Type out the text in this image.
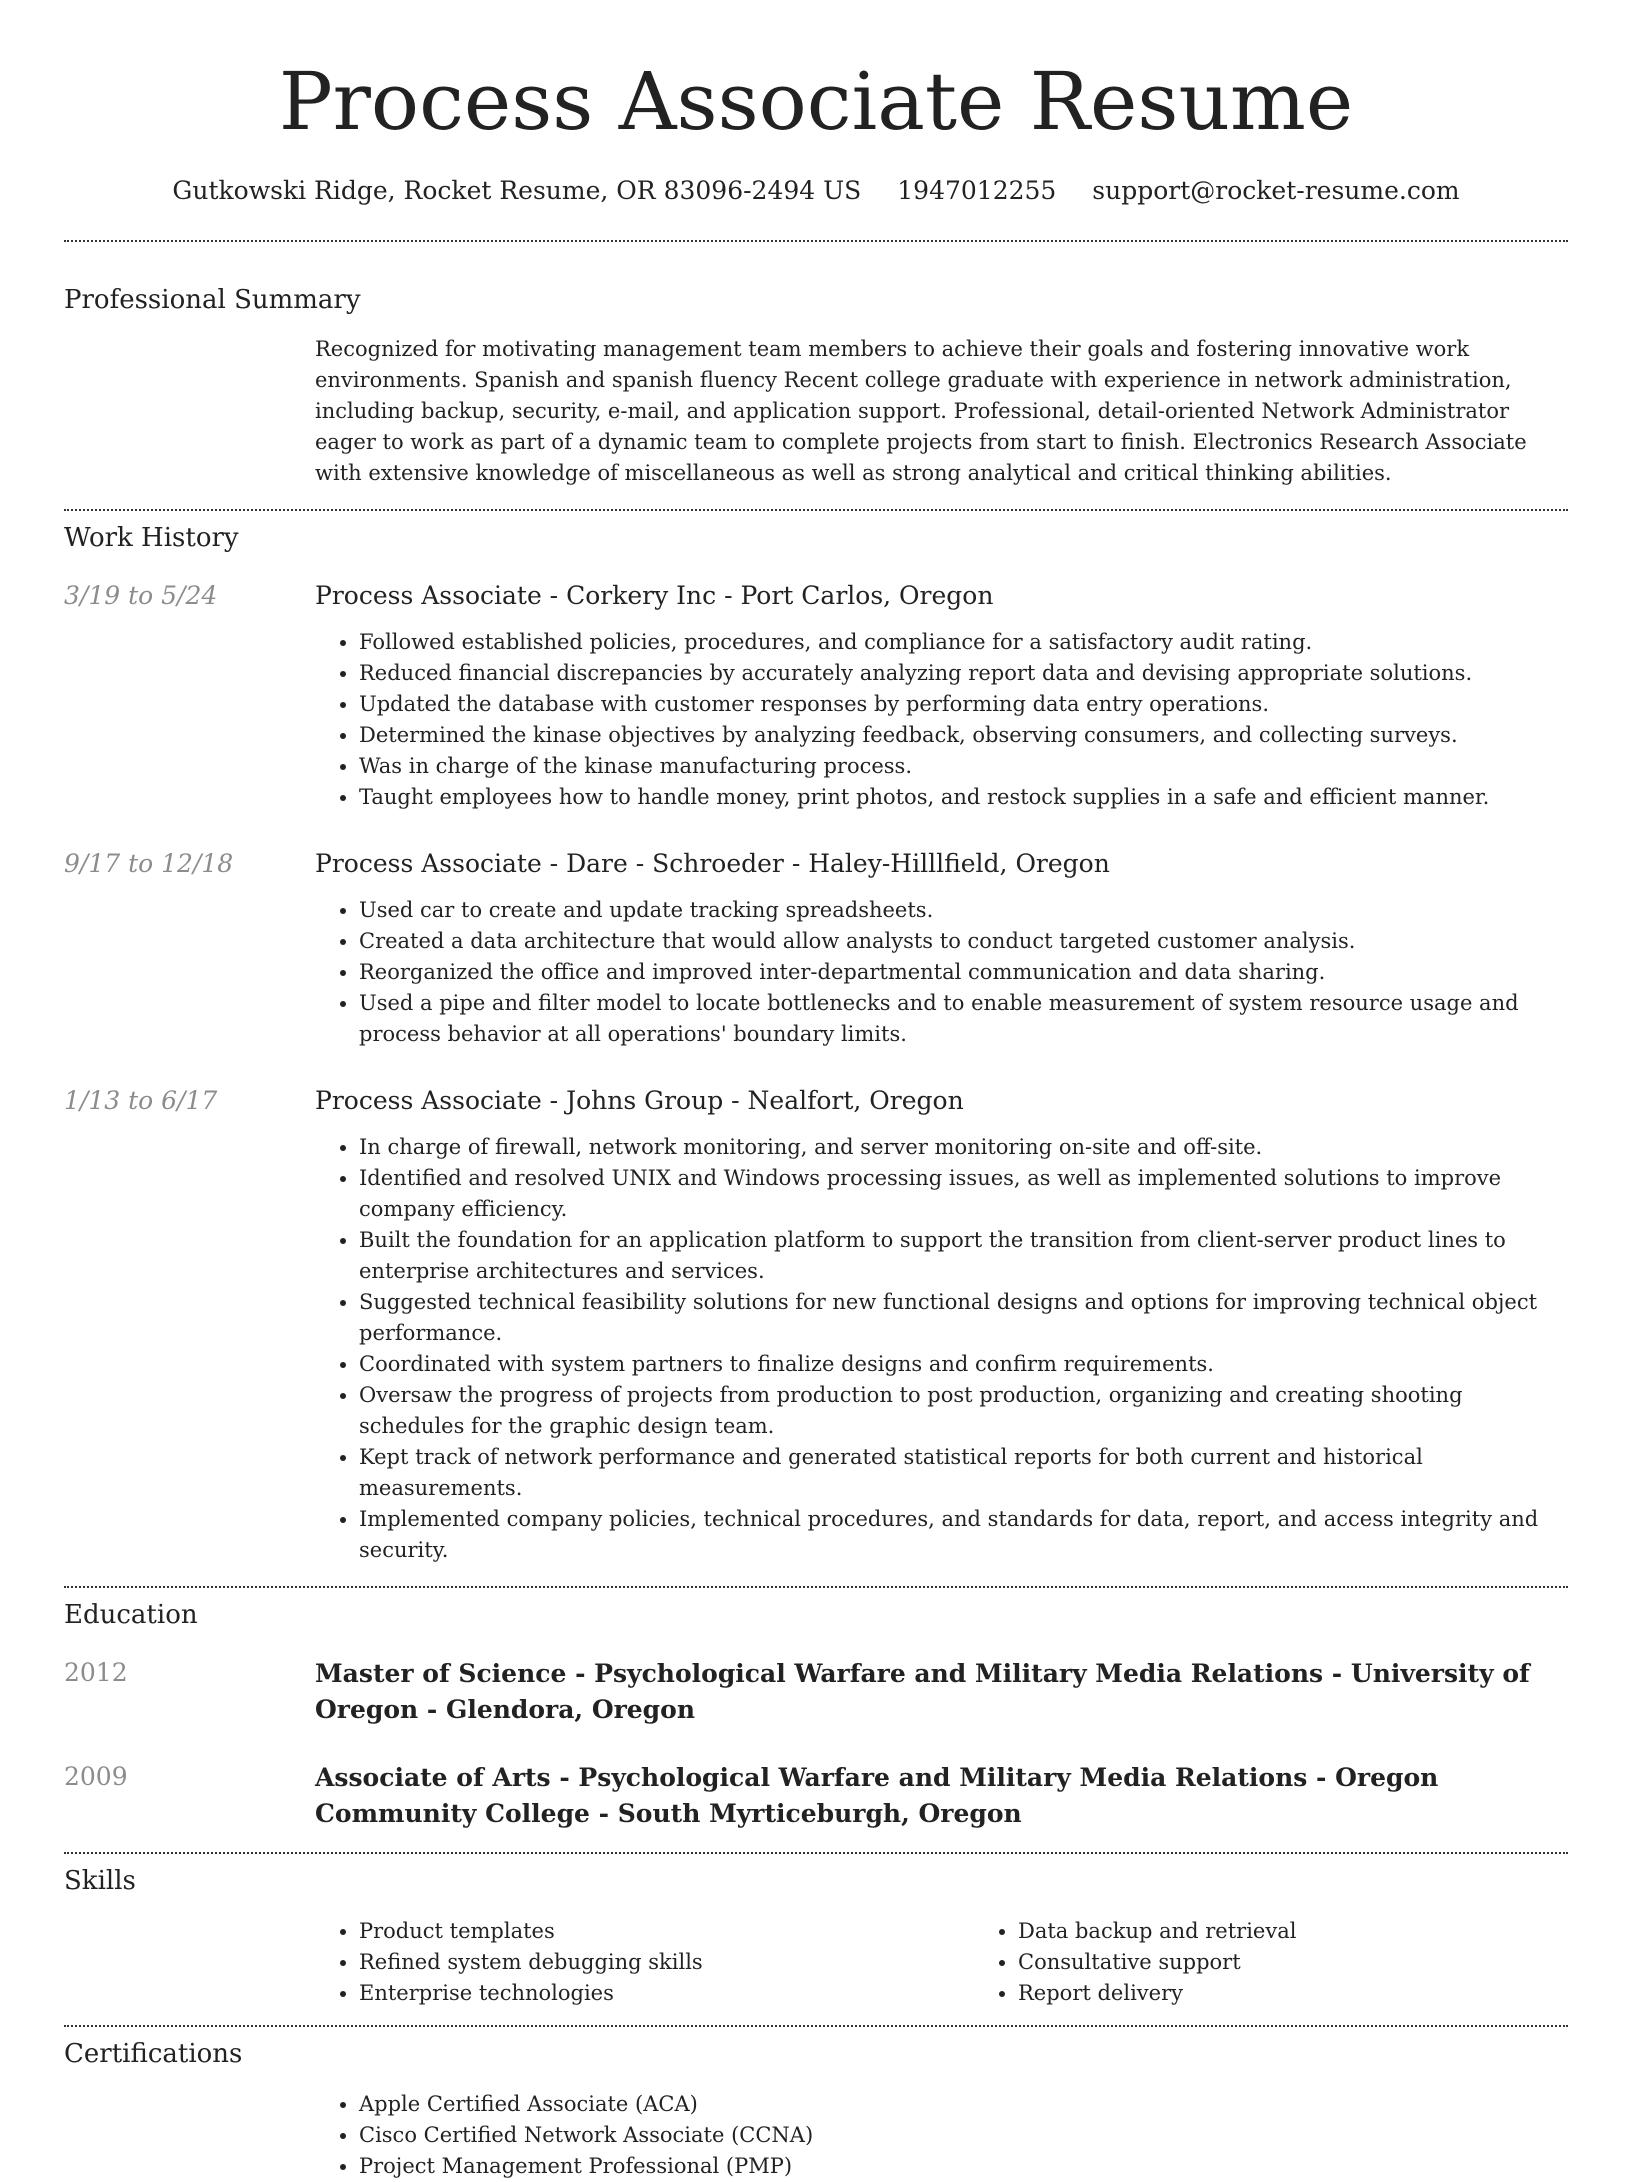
Process Associate Resume
Gutkowski Ridge, Rocket Resume, OR 83096-2494 US 1947012255 support@rocket-resume.com
Professional Summary

Recognized for motivating management team members to achieve their goals and fostering innovative work environments. Spanish and spanish fluency Recent college graduate with experience in network administration, including backup, security, e-mail, and application support. Professional, detail-oriented Network Administrator eager to work as part of a dynamic team to complete projects from start to finish. Electronics Research Associate with extensive knowledge of miscellaneous as well as strong analytical and critical thinking abilities.

Work History
3/19 to 5/24	Process Associate - Corkery Inc - Port Carlos, Oregon
• Followed established policies, procedures, and compliance for a satisfactory audit rating.
• Reduced financial discrepancies by accurately analyzing report data and devising appropriate solutions.
• Updated the database with customer responses by performing data entry operations.
• Determined the kinase objectives by analyzing feedback, observing consumers, and collecting surveys.
• Was in charge of the kinase manufacturing process.
• Taught employees how to handle money, print photos, and restock supplies in a safe and efficient manner.
9/17 to 12/18	Process Associate - Dare - Schroeder - Haley-Hilllfield, Oregon
• Used car to create and update tracking spreadsheets.
• Created a data architecture that would allow analysts to conduct targeted customer analysis.
• Reorganized the office and improved inter-departmental communication and data sharing.
• Used a pipe and filter model to locate bottlenecks and to enable measurement of system resource usage and process behavior at all operations' boundary limits.
1/13 to 6/17	Process Associate - Johns Group - Nealfort, Oregon
• In charge of firewall, network monitoring, and server monitoring on-site and off-site.
• Identified and resolved UNIX and Windows processing issues, as well as implemented solutions to improve company efficiency.
• Built the foundation for an application platform to support the transition from client-server product lines to enterprise architectures and services.
• Suggested technical feasibility solutions for new functional designs and options for improving technical object performance.
• Coordinated with system partners to finalize designs and confirm requirements.
• Oversaw the progress of projects from production to post production, organizing and creating shooting schedules for the graphic design team.
• Kept track of network performance and generated statistical reports for both current and historical measurements.
• Implemented company policies, technical procedures, and standards for data, report, and access integrity and security.
Education
2012	Master of Science - Psychological Warfare and Military Media Relations - University of Oregon - Glendora, Oregon
2009	Associate of Arts - Psychological Warfare and Military Media Relations - Oregon Community College - South Myrticeburgh, Oregon
Skills
• Product templates
• Refined system debugging skills
• Enterprise technologies
• Data backup and retrieval
• Consultative support
• Report delivery
Certifications
• Apple Certified Associate (ACA)
• Cisco Certified Network Associate (CCNA)
• Project Management Professional (PMP)
